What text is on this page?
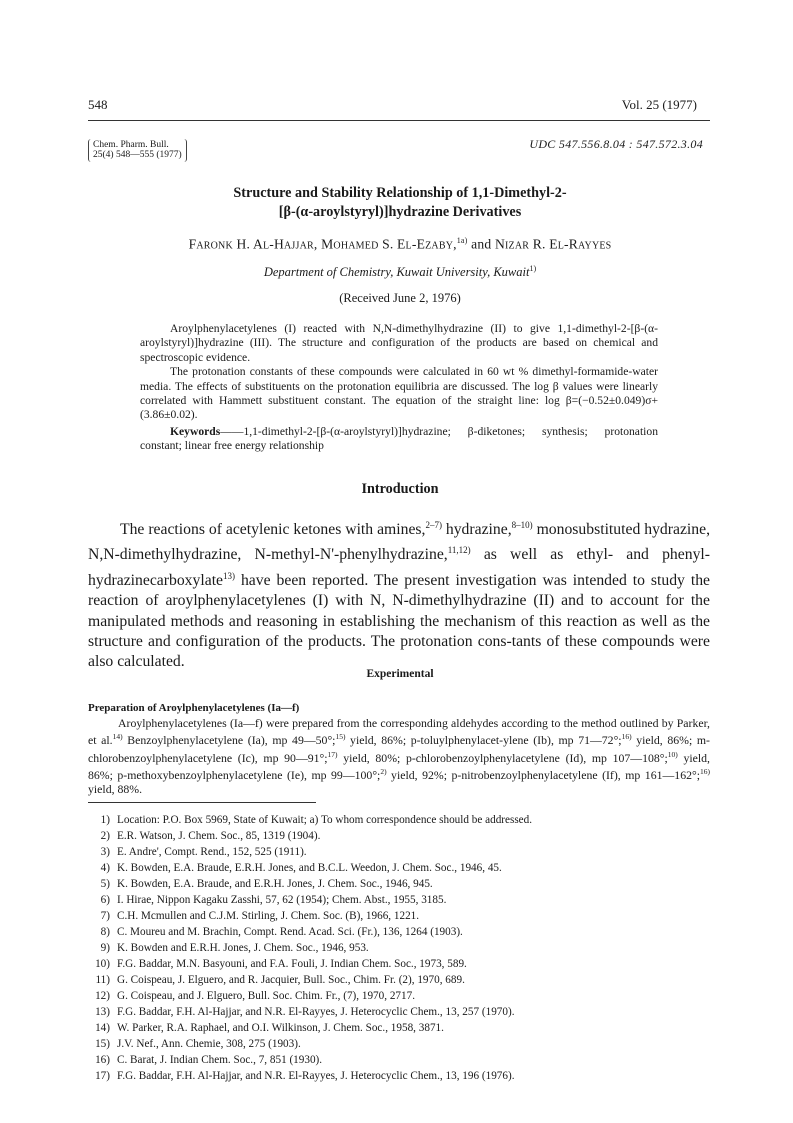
548	Vol. 25 (1977)
Chem. Pharm. Bull.
25(4) 548—555 (1977)
UDC 547.556.8.04 : 547.572.3.04
Structure and Stability Relationship of 1,1-Dimethyl-2-
[β-(α-aroylstyryl)]hydrazine Derivatives
Faronk H. Al-Hajjar, Mohamed S. El-Ezaby,$^{1a)}$ and Nizar R. El-Rayyes
Department of Chemistry, Kuwait University, Kuwait$^{1)}$
(Received June 2, 1976)

Aroylphenylacetylenes (I) reacted with N,N-dimethylhydrazine (II) to give 1,1-dimethyl-2-[β-(α-aroylstyryl)]hydrazine (III). The structure and configuration of the products are based on chemical and spectroscopic evidence.

The protonation constants of these compounds were calculated in 60 wt % dimethyl-formamide-water media. The effects of substituents on the protonation equilibria are discussed. The log β values were linearly correlated with Hammett substituent constant. The equation of the straight line: log β=(−0.52±0.049)σ+(3.86±0.02).

Keywords——1,1-dimethyl-2-[β-(α-aroylstyryl)]hydrazine; β-diketones; synthesis; protonation constant; linear free energy relationship

Introduction

The reactions of acetylenic ketones with amines,$^{2-7)}$ hydrazine,$^{8-10)}$ monosubstituted hydrazine, N,N-dimethylhydrazine, N-methyl-N'-phenylhydrazine,$^{11,12)}$ as well as ethyl- and phenyl-hydrazinecarboxylate$^{13)}$ have been reported. The present investigation was intended to study the reaction of aroylphenylacetylenes (I) with N, N-dimethylhydrazine (II) and to account for the manipulated methods and reasoning in establishing the mechanism of this reaction as well as the structure and configuration of the products. The protonation cons-tants of these compounds were also calculated.

Experimental
Preparation of Aroylphenylacetylenes (Ia—f)

Aroylphenylacetylenes (Ia—f) were prepared from the corresponding aldehydes according to the method outlined by Parker, et al.$^{14)}$ Benzoylphenylacetylene (Ia), mp 49—50°;$^{15)}$ yield, 86%; p-toluylphenylacet-ylene (Ib), mp 71—72°;$^{16)}$ yield, 86%; m-chlorobenzoylphenylacetylene (Ic), mp 90—91°;$^{17)}$ yield, 80%; p-chlorobenzoylphenylacetylene (Id), mp 107—108°;$^{10)}$ yield, 86%; p-methoxybenzoylphenylacetylene (Ie), mp 99—100°;$^{2)}$ yield, 92%; p-nitrobenzoylphenylacetylene (If), mp 161—162°;$^{16)}$ yield, 88%.

1) Location: P.O. Box 5969, State of Kuwait; a) To whom correspondence should be addressed.
2) E.R. Watson, J. Chem. Soc., 85, 1319 (1904).
3) E. Andre', Compt. Rend., 152, 525 (1911).
4) K. Bowden, E.A. Braude, E.R.H. Jones, and B.C.L. Weedon, J. Chem. Soc., 1946, 45.
5) K. Bowden, E.A. Braude, and E.R.H. Jones, J. Chem. Soc., 1946, 945.
6) I. Hirae, Nippon Kagaku Zasshi, 57, 62 (1954); Chem. Abst., 1955, 3185.
7) C.H. Mcmullen and C.J.M. Stirling, J. Chem. Soc. (B), 1966, 1221.
8) C. Moureu and M. Brachin, Compt. Rend. Acad. Sci. (Fr.), 136, 1264 (1903).
9) K. Bowden and E.R.H. Jones, J. Chem. Soc., 1946, 953.
10) F.G. Baddar, M.N. Basyouni, and F.A. Fouli, J. Indian Chem. Soc., 1973, 589.
11) G. Coispeau, J. Elguero, and R. Jacquier, Bull. Soc., Chim. Fr. (2), 1970, 689.
12) G. Coispeau, and J. Elguero, Bull. Soc. Chim. Fr., (7), 1970, 2717.
13) F.G. Baddar, F.H. Al-Hajjar, and N.R. El-Rayyes, J. Heterocyclic Chem., 13, 257 (1970).
14) W. Parker, R.A. Raphael, and O.I. Wilkinson, J. Chem. Soc., 1958, 3871.
15) J.V. Nef., Ann. Chemie, 308, 275 (1903).
16) C. Barat, J. Indian Chem. Soc., 7, 851 (1930).
17) F.G. Baddar, F.H. Al-Hajjar, and N.R. El-Rayyes, J. Heterocyclic Chem., 13, 196 (1976).
